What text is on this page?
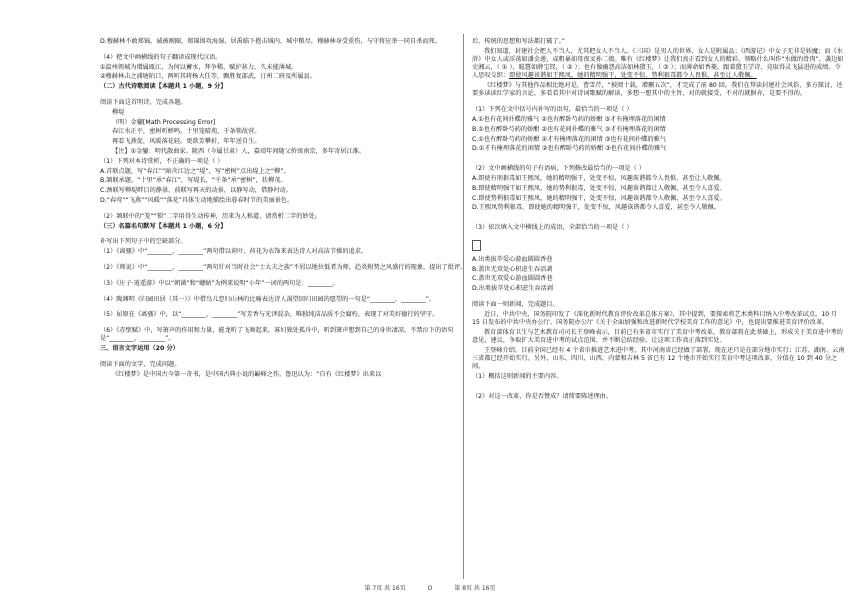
D.穆赫林不敢郑锦，诚被刚圈，郑锦围攻海湿，居禹临下抱击城内，城中粮尽，穆赫林身受重伤，与守将应举一同自杀而死。

（4）把文中画横线的句子翻译成现代汉语。

①温州领城为增属瓯江，为何以蓄水，拜争稀，赋护甚力，久未能薄城。

②穆赫林击之浦塘陌口，两听其将杨大任等，飘胜复部武，汀州二府及所属县。

（二）古代诗歌阅读【本题共 1 小题，9 分】

阅读下面这首明诗，完成各题。

柳堤

（明）金鑾[Math Processing Error]

春江水正平，密树听蝉鸣。十里笼晴苑，千条锁故营。

再看飞燕促，风暖落花轻。更欲芳攀折，年年送自生。

【注】①金鑾：明代散曲家。陇西（今属甘肃）人，嘉靖年间随父侨寓南京，多年寄居江淮。

（1）下列对本诗赏析，不正确的一项是（ ）

A.首联点题，写“春江”“暗含江边之“堤”，写“密树”点出堤上之“柳”。

B.颔联承题，“十里”承“春江”，写堤长，“千条”承“密树”，状柳茂。

C.颈联写柳堤畔目的静景，前联写再天的动景，以静写动，借静衬动。

D.“春莺”“飞燕”“风暖”“落花”具体生动地描绘出暮春时节的美丽景色。

（2）颔联中的“笼”“锁”二字用得生动传神，历来为人称道，请赏析二字的妙处。

（三）名篇名句默写【本题共 1 小题，6 分】

补写出下列句子中的空缺部分。

（1）《离骚》中“________，________”两句借以荷叶、荷花为衣饰来表达诗人对高洁节操的追求。

（2）《师说》中“________，________”两句针对当时社会“士大夫之族”不屑以地位低者为师，趋炎附势之风盛行的现象，提出了批评。

（3）《庄子·逍遥游》中以“朝菌”和“蟪蛄”为例来说明“小年”一词的两句是：________。

（4）陶渊明《归园田居（其一）》中借鸟儿恋归山林的比喻表达诗人渴望回归田园的愿望的一句是“________，________”。

（5）屈原在《离骚》中，以“________，________”写芳香与光泽混杂，唯独纯洁品质不会腐朽，表现了对美好德行的坚守。

（6）《赤壁赋》中，写箫声的作用和力量，能龙听了飞舞起来，寡妇独处孤舟中，听到箫声想到自己的身世凄凉，不禁泣下的语句是“________，________”。

三、语言文字运用（20 分）

阅读下面的文字，完成问题。

《红楼梦》是中国古今第一奇书，是中国古典小说的巅峰之作。鲁迅认为：“自有《红楼梦》出来以

后，传统的思想和写法都打破了。”

我们知道，封建社会把人不当人，尤其把女人不当人。《三国》是男人的世界，女人是附属品；《西游记》中女子无非是妖魔；而《水浒》中女人或淫荡如潘金莲，或粗暴如母夜叉孙二娘。唯有《红楼梦》让我们真正看到女人的精彩，领略什么叫作“水做的骨肉”。袭边如史湘云，（ ① ），聪慧如薛宝钗，（ ② ）；也有像幽怨高洁如林黛玉，（ ③ ）；而薄命如香菱，跟着黛玉学诗，竟取得灵飞猛进的成绩。令人思叹交织：即使风趣该谐如王熙凤，她的精明强干、处变不惊、势利狠毒都令人畏惧，甚至让人敬佩。

《红楼梦》与其他作品相比绝对是，曹雪芹，“披阅十载，增删五次”，才完成了前 80 回。我们在拜读封建社会风俗，多方探讨，还要多读读红学家的言论，多看看其中对诗词歌赋的解读，多想一想其中的主旨，对的就接受，不对的就摒弃，是要不得的。

（1）下列在文中括号内补写的语句，最恰当的一项是（ ）

A.①也有花间扑蝶的雅气 ②也有醉卧芍药的娇酣 ③才有掩埋落花的闲情

B.①也有醉卧芍药的娇酣 ②也有花间扑蝶的雅气 ③才有掩埋落花的闲情

C.①也有醉卧芍药的娇酣 ②才有掩埋落花的闲情 ③也有花间扑蝶的雅气

D.①才有掩埋落花的闲情 ②也有醉卧芍药的娇酣 ③也有花间扑蝶的雅气

（2）文中画横线的句子有语病，下列修改最恰当的一项是（ ）

A.即使有刑狠毒如王熙凤，她的精明强干，处变不惊，风趣诙谐都令人畏惧，甚至让人敬佩。

B.即使精明强干如王熙凤，她的势利狠毒，处变不惊，风趣诙谐都让人敬佩，甚至令人喜爱。

C.即使势利狠毒如王熙凤，她的精明强干，处变不惊，风趣诙谐都令人敬佩，甚至令人喜爱。

D.王熙凤势利狠毒，即使她的精明强干，处变不惊，风趣诙谐都令人喜爱，甚至令人敬佩。

（3）依次填入文中横线上的成语，全部恰当的一项是（ ）

A.出类拔萃爱心游血圆圆香巷

B.盖世无双处心积虑生吞活剥

C.盖世无双爱心游血圆圆香巷

D.出类拔萃处心积虑生吞活剥

阅读下面一则新闻，完成题目。

近日，中共中央、国务院印发了《深化新时代教育评价改革总体方案》，其中提到，要探索将艺术类科目纳入中考改革试点。10 月 15 日发布的中共中央办公厅、国务院办公厅《关于全面加强和改进新时代学校美育工作的意见》中，也提出要推进美育评价改革。

教育部体育卫生与艺术教育司司长王登峰表示，目前已有多省市实行了美育中考改革，教育部将在此基础上，形成关于美育进中考的意见，建议，争取扩大美育进中考的试点范围，并不断总结经验，让这项工作真正落到实处。

王登峰介绍，目前全国已经有 4 个省市推进艺术进中考，其中河南省已经做了部署，现在还只是在部分地市实行；江苏、湖南、云南三省都已经开始实行。另外，山东、四川、山西、内蒙和吉林 5 省已有 12 个地市开始实行美育中考这项改革，分值在 10 到 40 分之间。

（1）概括这则新闻的主要内容。

（2）对这一改革，你是否赞成？请简要陈述理由。

第 7页 共 16页	O	第 8页 共 16页
